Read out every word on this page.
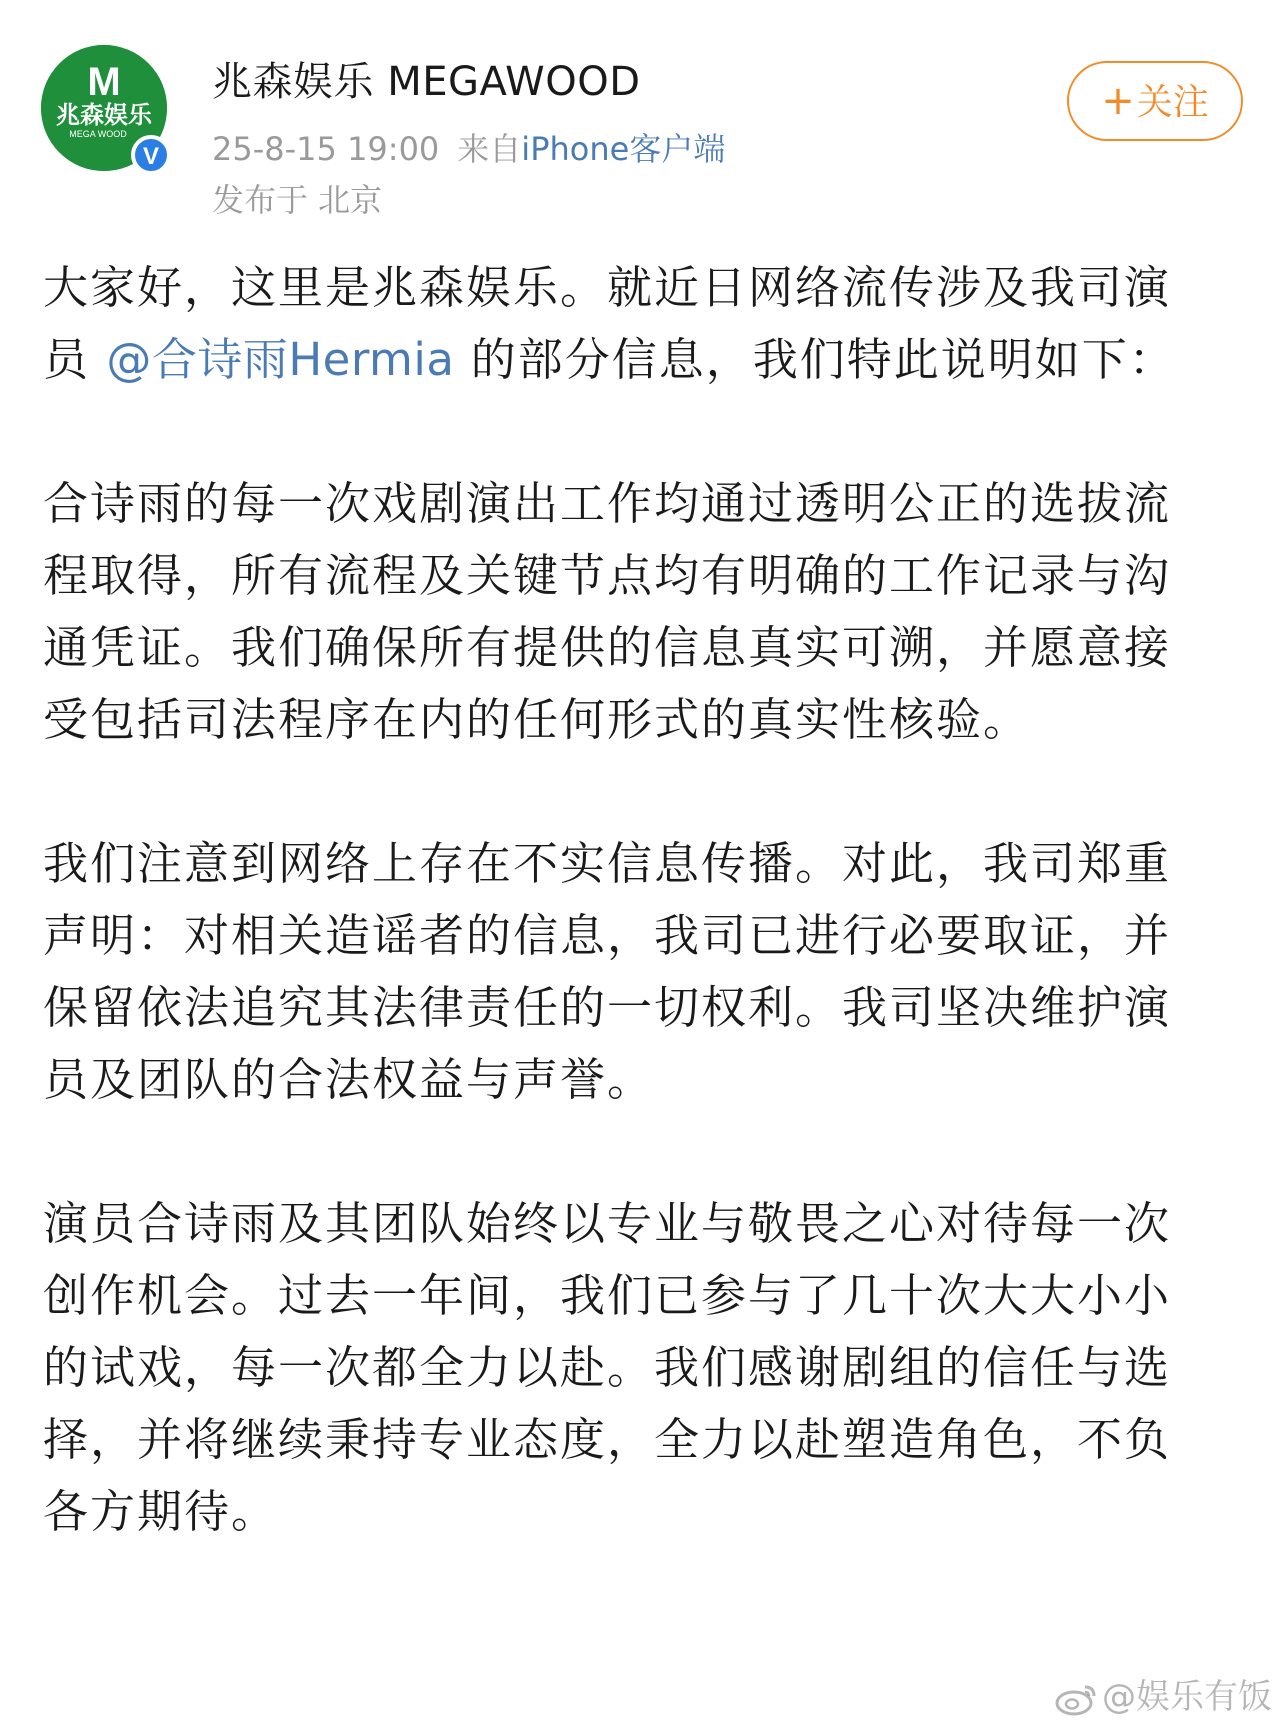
M
兆森娱乐
MEGA WOOD
V
兆森娱乐 MEGAWOOD
25-8-15 19:00 来自iPhone客户端
发布于 北京
+关注

大家好，这里是兆森娱乐。就近日网络流传涉及我司演员 @合诗雨Hermia 的部分信息，我们特此说明如下：

合诗雨的每一次戏剧演出工作均通过透明公正的选拔流程取得，所有流程及关键节点均有明确的工作记录与沟通凭证。我们确保所有提供的信息真实可溯，并愿意接受包括司法程序在内的任何形式的真实性核验。

我们注意到网络上存在不实信息传播。对此，我司郑重声明：对相关造谣者的信息，我司已进行必要取证，并保留依法追究其法律责任的一切权利。我司坚决维护演员及团队的合法权益与声誉。

演员合诗雨及其团队始终以专业与敬畏之心对待每一次创作机会。过去一年间，我们已参与了几十次大大小小的试戏，每一次都全力以赴。我们感谢剧组的信任与选择，并将继续秉持专业态度，全力以赴塑造角色，不负各方期待。

@娱乐有饭
